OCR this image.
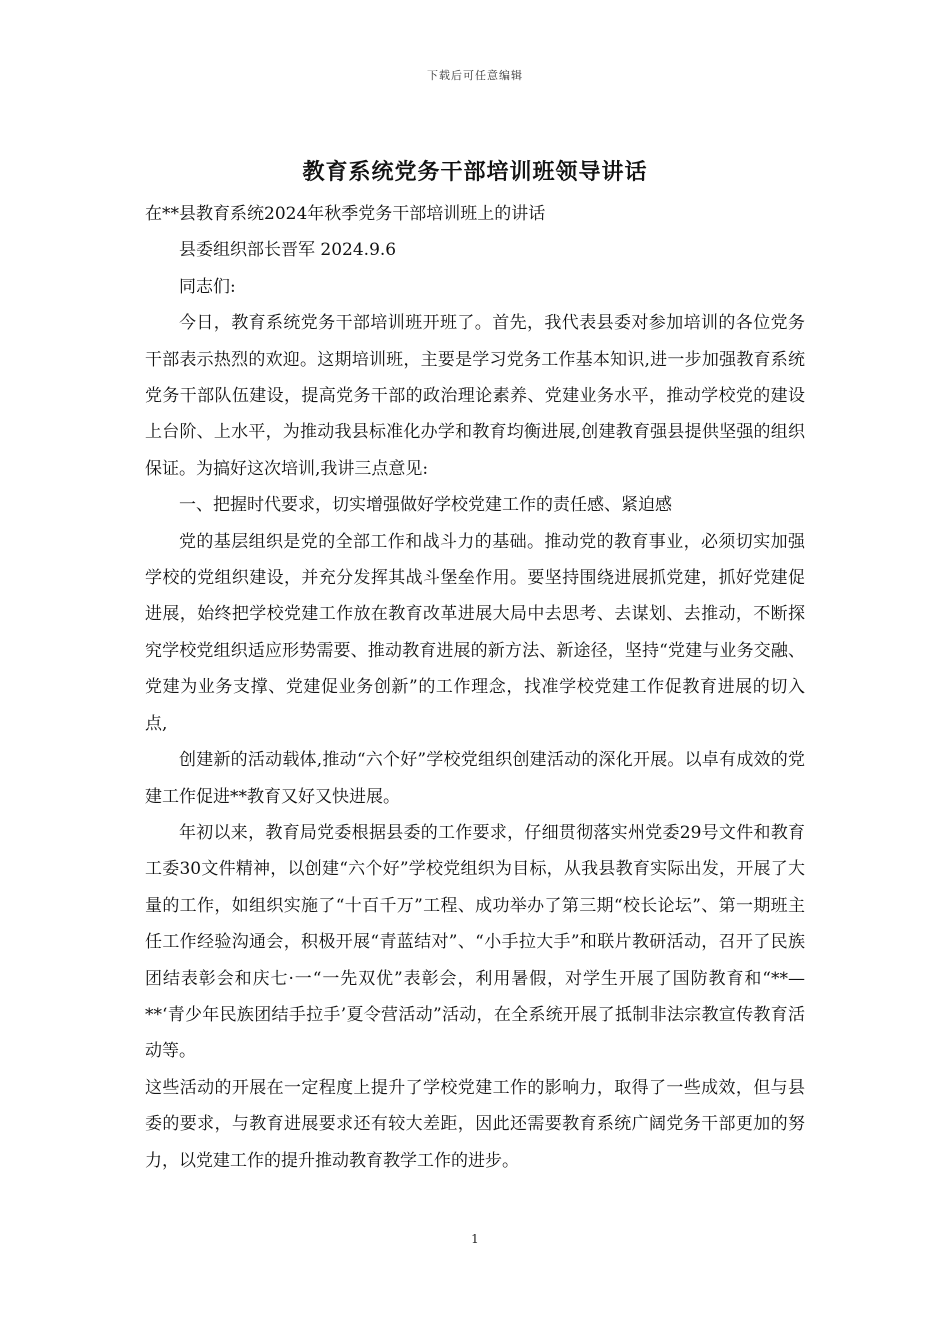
下载后可任意编辑
教育系统党务干部培训班领导讲话

在**县教育系统2024年秋季党务干部培训班上的讲话

县委组织部长晋军 2024.9.6

同志们:

今日，教育系统党务干部培训班开班了。首先，我代表县委对参加培训的各位党务干部表示热烈的欢迎。这期培训班，主要是学习党务工作基本知识,进一步加强教育系统党务干部队伍建设，提高党务干部的政治理论素养、党建业务水平，推动学校党的建设上台阶、上水平，为推动我县标准化办学和教育均衡进展,创建教育强县提供坚强的组织保证。为搞好这次培训,我讲三点意见:

一、把握时代要求，切实增强做好学校党建工作的责任感、紧迫感

党的基层组织是党的全部工作和战斗力的基础。推动党的教育事业，必须切实加强学校的党组织建设，并充分发挥其战斗堡垒作用。要坚持围绕进展抓党建，抓好党建促进展，始终把学校党建工作放在教育改革进展大局中去思考、去谋划、去推动，不断探究学校党组织适应形势需要、推动教育进展的新方法、新途径，坚持“党建与业务交融、党建为业务支撑、党建促业务创新”的工作理念，找准学校党建工作促教育进展的切入点,

创建新的活动载体,推动“六个好”学校党组织创建活动的深化开展。以卓有成效的党建工作促进**教育又好又快进展。

年初以来，教育局党委根据县委的工作要求，仔细贯彻落实州党委29号文件和教育工委30文件精神，以创建“六个好”学校党组织为目标，从我县教育实际出发，开展了大量的工作，如组织实施了“十百千万”工程、成功举办了第三期“校长论坛”、第一期班主任工作经验沟通会，积极开展“青蓝结对”、“小手拉大手”和联片教研活动，召开了民族团结表彰会和庆七·一“一先双优”表彰会，利用暑假，对学生开展了国防教育和“**—**‘青少年民族团结手拉手’夏令营活动”活动，在全系统开展了抵制非法宗教宣传教育活动等。

这些活动的开展在一定程度上提升了学校党建工作的影响力，取得了一些成效，但与县委的要求，与教育进展要求还有较大差距，因此还需要教育系统广阔党务干部更加的努力，以党建工作的提升推动教育教学工作的进步。

1
